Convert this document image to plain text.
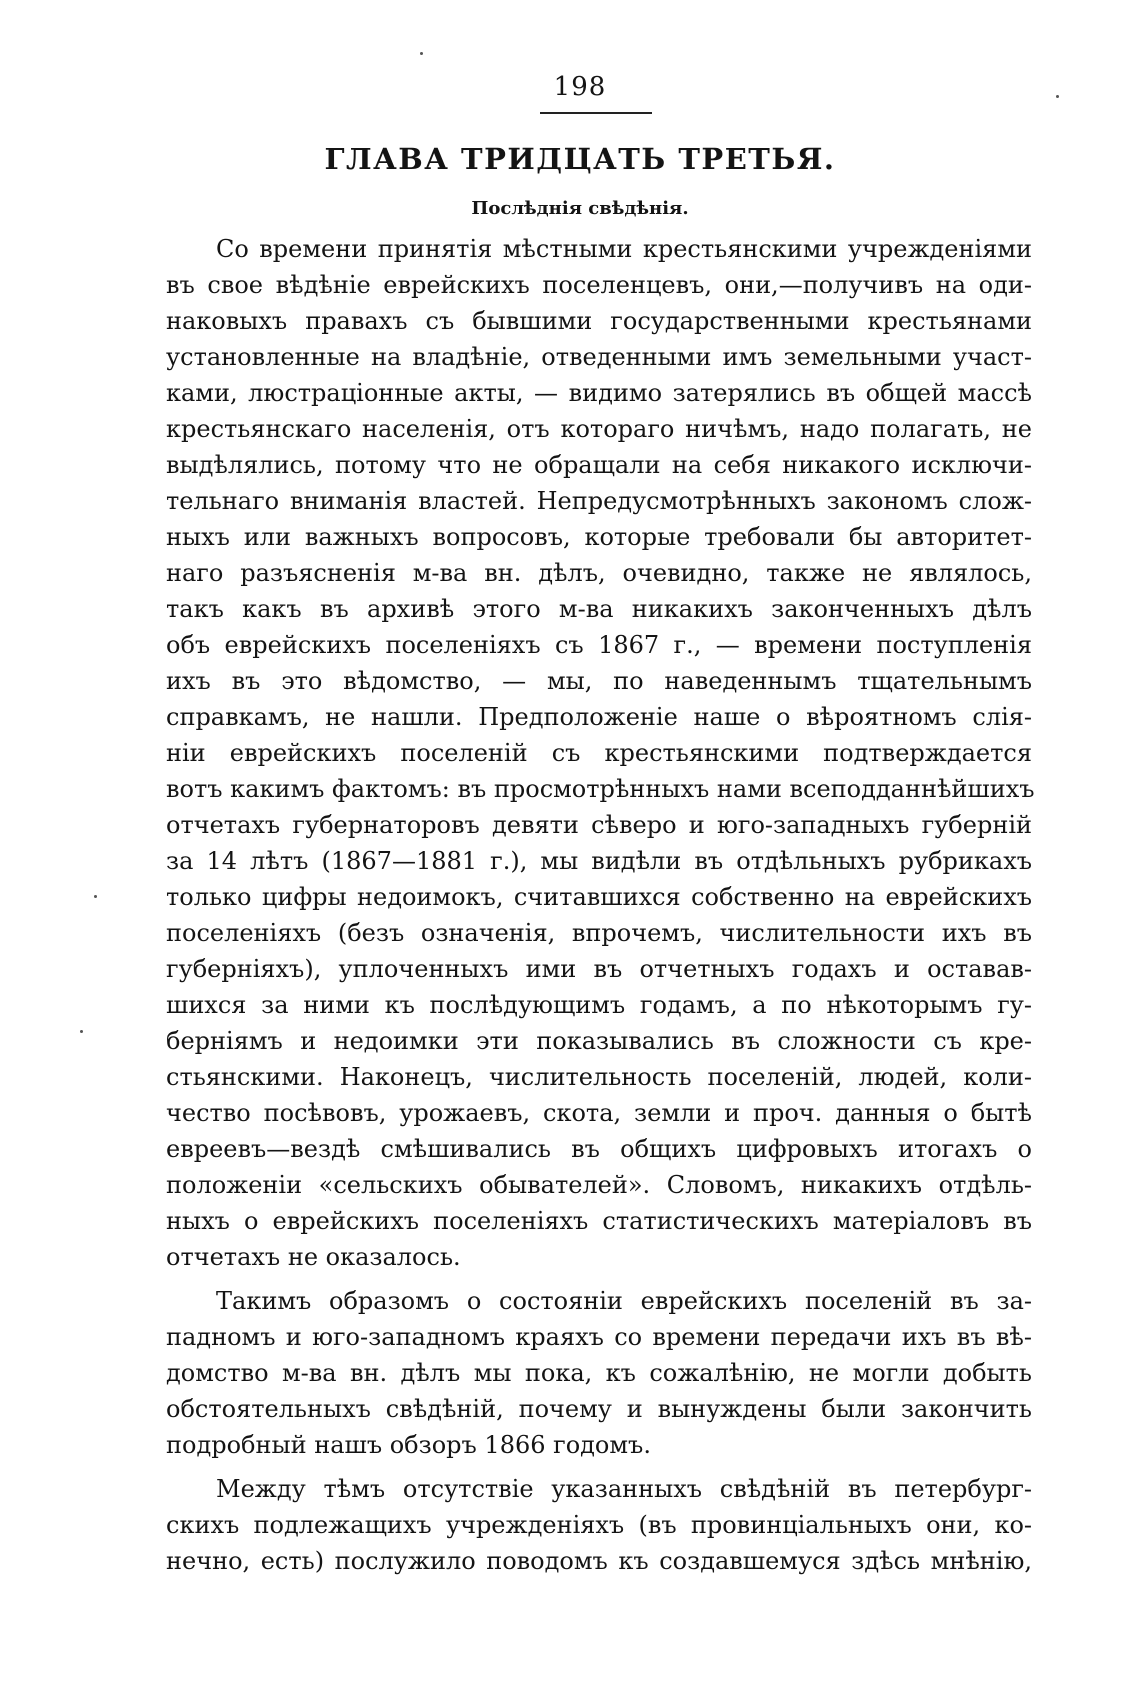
198
ГЛАВА ТРИДЦАТЬ ТРЕТЬЯ.
Послѣднія свѣдѣнія.
Со времени принятія мѣстными крестьянскими учрежденіями
въ свое вѣдѣніе еврейскихъ поселенцевъ, они,—получивъ на оди-
наковыхъ правахъ съ бывшими государственными крестьянами
установленные на владѣніе, отведенными имъ земельными участ-
ками, люстраціонные акты, — видимо затерялись въ общей массѣ
крестьянскаго населенія, отъ котораго ничѣмъ, надо полагать, не
выдѣлялись, потому что не обращали на себя никакого исключи-
тельнаго вниманія властей. Непредусмотрѣнныхъ закономъ слож-
ныхъ или важныхъ вопросовъ, которые требовали бы авторитет-
наго разъясненія м-ва вн. дѣлъ, очевидно, также не являлось,
такъ какъ въ архивѣ этого м-ва никакихъ законченныхъ дѣлъ
объ еврейскихъ поселеніяхъ съ 1867 г., — времени поступленія
ихъ въ это вѣдомство, — мы, по наведеннымъ тщательнымъ
справкамъ, не нашли. Предположеніе наше о вѣроятномъ слія-
ніи еврейскихъ поселеній съ крестьянскими подтверждается
вотъ какимъ фактомъ: въ просмотрѣнныхъ нами всеподданнѣйшихъ
отчетахъ губернаторовъ девяти сѣверо и юго-западныхъ губерній
за 14 лѣтъ (1867—1881 г.), мы видѣли въ отдѣльныхъ рубрикахъ
только цифры недоимокъ, считавшихся собственно на еврейскихъ
поселеніяхъ (безъ означенія, впрочемъ, числительности ихъ въ
губерніяхъ), уплоченныхъ ими въ отчетныхъ годахъ и оставав-
шихся за ними къ послѣдующимъ годамъ, а по нѣкоторымъ гу-
берніямъ и недоимки эти показывались въ сложности съ кре-
стьянскими. Наконецъ, числительность поселеній, людей, коли-
чество посѣвовъ, урожаевъ, скота, земли и проч. данныя о бытѣ
евреевъ—вездѣ смѣшивались въ общихъ цифровыхъ итогахъ о
положеніи «сельскихъ обывателей». Словомъ, никакихъ отдѣль-
ныхъ о еврейскихъ поселеніяхъ статистическихъ матеріаловъ въ
отчетахъ не оказалось.
Такимъ образомъ о состояніи еврейскихъ поселеній въ за-
падномъ и юго-западномъ краяхъ со времени передачи ихъ въ вѣ-
домство м-ва вн. дѣлъ мы пока, къ сожалѣнію, не могли добыть
обстоятельныхъ свѣдѣній, почему и вынуждены были закончить
подробный нашъ обзоръ 1866 годомъ.
Между тѣмъ отсутствіе указанныхъ свѣдѣній въ петербург-
скихъ подлежащихъ учрежденіяхъ (въ провинціальныхъ они, ко-
нечно, есть) послужило поводомъ къ создавшемуся здѣсь мнѣнію,
